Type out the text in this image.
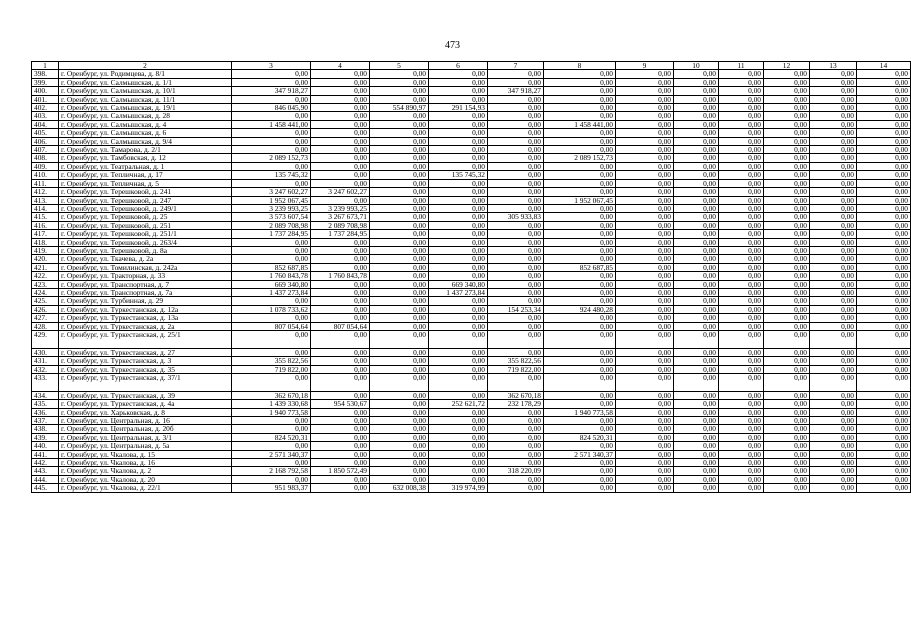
473
1	2	3	4	5	6	7	8	9	10	11	12	13	14
398.	г. Оренбург, ул. Родимцева, д. 8/1	0,00	0,00	0,00	0,00	0,00	0,00	0,00	0,00	0,00	0,00	0,00	0,00
399.	г. Оренбург, ул. Салмышская, д. 1/1	0,00	0,00	0,00	0,00	0,00	0,00	0,00	0,00	0,00	0,00	0,00	0,00
400.	г. Оренбург, ул. Салмышская, д. 10/1	347 918,27	0,00	0,00	0,00	347 918,27	0,00	0,00	0,00	0,00	0,00	0,00	0,00
401.	г. Оренбург, ул. Салмышская, д. 11/1	0,00	0,00	0,00	0,00	0,00	0,00	0,00	0,00	0,00	0,00	0,00	0,00
402.	г. Оренбург, ул. Салмышская, д. 19/1	846 045,90	0,00	554 890,97	291 154,93	0,00	0,00	0,00	0,00	0,00	0,00	0,00	0,00
403.	г. Оренбург, ул. Салмышская, д. 28	0,00	0,00	0,00	0,00	0,00	0,00	0,00	0,00	0,00	0,00	0,00	0,00
404.	г. Оренбург, ул. Салмышская, д. 4	1 458 441,00	0,00	0,00	0,00	0,00	1 458 441,00	0,00	0,00	0,00	0,00	0,00	0,00
405.	г. Оренбург, ул. Салмышская, д. 6	0,00	0,00	0,00	0,00	0,00	0,00	0,00	0,00	0,00	0,00	0,00	0,00
406.	г. Оренбург, ул. Салмышская, д. 9/4	0,00	0,00	0,00	0,00	0,00	0,00	0,00	0,00	0,00	0,00	0,00	0,00
407.	г. Оренбург, ул. Тамарова, д. 2/1	0,00	0,00	0,00	0,00	0,00	0,00	0,00	0,00	0,00	0,00	0,00	0,00
408.	г. Оренбург, ул. Тамбовская, д. 12	2 089 152,73	0,00	0,00	0,00	0,00	2 089 152,73	0,00	0,00	0,00	0,00	0,00	0,00
409.	г. Оренбург, ул. Театральная, д. 1	0,00	0,00	0,00	0,00	0,00	0,00	0,00	0,00	0,00	0,00	0,00	0,00
410.	г. Оренбург, ул. Тепличная, д. 17	135 745,32	0,00	0,00	135 745,32	0,00	0,00	0,00	0,00	0,00	0,00	0,00	0,00
411.	г. Оренбург, ул. Тепличная, д. 5	0,00	0,00	0,00	0,00	0,00	0,00	0,00	0,00	0,00	0,00	0,00	0,00
412.	г. Оренбург, ул. Терешковой, д. 241	3 247 602,27	3 247 602,27	0,00	0,00	0,00	0,00	0,00	0,00	0,00	0,00	0,00	0,00
413.	г. Оренбург, ул. Терешковой, д. 247	1 952 067,45	0,00	0,00	0,00	0,00	1 952 067,45	0,00	0,00	0,00	0,00	0,00	0,00
414.	г. Оренбург, ул. Терешковой, д. 249/1	3 239 993,25	3 239 993,25	0,00	0,00	0,00	0,00	0,00	0,00	0,00	0,00	0,00	0,00
415.	г. Оренбург, ул. Терешковой, д. 25	3 573 607,54	3 267 673,71	0,00	0,00	305 933,83	0,00	0,00	0,00	0,00	0,00	0,00	0,00
416.	г. Оренбург, ул. Терешковой, д. 251	2 089 708,98	2 089 708,98	0,00	0,00	0,00	0,00	0,00	0,00	0,00	0,00	0,00	0,00
417.	г. Оренбург, ул. Терешковой, д. 251/1	1 737 284,95	1 737 284,95	0,00	0,00	0,00	0,00	0,00	0,00	0,00	0,00	0,00	0,00
418.	г. Оренбург, ул. Терешковой, д. 263/4	0,00	0,00	0,00	0,00	0,00	0,00	0,00	0,00	0,00	0,00	0,00	0,00
419.	г. Оренбург, ул. Терешковой, д. 8а	0,00	0,00	0,00	0,00	0,00	0,00	0,00	0,00	0,00	0,00	0,00	0,00
420.	г. Оренбург, ул. Ткачева, д. 2а	0,00	0,00	0,00	0,00	0,00	0,00	0,00	0,00	0,00	0,00	0,00	0,00
421.	г. Оренбург, ул. Томилинская, д. 242а	852 687,85	0,00	0,00	0,00	0,00	852 687,85	0,00	0,00	0,00	0,00	0,00	0,00
422.	г. Оренбург, ул. Тракторная, д. 33	1 760 843,78	1 760 843,78	0,00	0,00	0,00	0,00	0,00	0,00	0,00	0,00	0,00	0,00
423.	г. Оренбург, ул. Транспортная, д. 7	669 340,80	0,00	0,00	669 340,80	0,00	0,00	0,00	0,00	0,00	0,00	0,00	0,00
424.	г. Оренбург, ул. Транспортная, д. 7а	1 437 273,84	0,00	0,00	1 437 273,84	0,00	0,00	0,00	0,00	0,00	0,00	0,00	0,00
425.	г. Оренбург, ул. Турбинная, д. 29	0,00	0,00	0,00	0,00	0,00	0,00	0,00	0,00	0,00	0,00	0,00	0,00
426.	г. Оренбург, ул. Туркестанская, д. 12а	1 078 733,62	0,00	0,00	0,00	154 253,34	924 480,28	0,00	0,00	0,00	0,00	0,00	0,00
427.	г. Оренбург, ул. Туркестанская, д. 13а	0,00	0,00	0,00	0,00	0,00	0,00	0,00	0,00	0,00	0,00	0,00	0,00
428.	г. Оренбург, ул. Туркестанская, д. 2а	807 054,64	807 054,64	0,00	0,00	0,00	0,00	0,00	0,00	0,00	0,00	0,00	0,00
429.	г. Оренбург, ул. Туркестанская, д. 25/1	0,00	0,00	0,00	0,00	0,00	0,00	0,00	0,00	0,00	0,00	0,00	0,00
430.	г. Оренбург, ул. Туркестанская, д. 27	0,00	0,00	0,00	0,00	0,00	0,00	0,00	0,00	0,00	0,00	0,00	0,00
431.	г. Оренбург, ул. Туркестанская, д. 3	355 822,56	0,00	0,00	0,00	355 822,56	0,00	0,00	0,00	0,00	0,00	0,00	0,00
432.	г. Оренбург, ул. Туркестанская, д. 35	719 822,00	0,00	0,00	0,00	719 822,00	0,00	0,00	0,00	0,00	0,00	0,00	0,00
433.	г. Оренбург, ул. Туркестанская, д. 37/1	0,00	0,00	0,00	0,00	0,00	0,00	0,00	0,00	0,00	0,00	0,00	0,00
434.	г. Оренбург, ул. Туркестанская, д. 39	362 670,18	0,00	0,00	0,00	362 670,18	0,00	0,00	0,00	0,00	0,00	0,00	0,00
435.	г. Оренбург, ул. Туркестанская, д. 4а	1 439 330,68	954 530,67	0,00	252 621,72	232 178,29	0,00	0,00	0,00	0,00	0,00	0,00	0,00
436.	г. Оренбург, ул. Харьковская, д. 8	1 940 773,58	0,00	0,00	0,00	0,00	1 940 773,58	0,00	0,00	0,00	0,00	0,00	0,00
437.	г. Оренбург, ул. Центральная, д. 16	0,00	0,00	0,00	0,00	0,00	0,00	0,00	0,00	0,00	0,00	0,00	0,00
438.	г. Оренбург, ул. Центральная, д. 20б	0,00	0,00	0,00	0,00	0,00	0,00	0,00	0,00	0,00	0,00	0,00	0,00
439.	г. Оренбург, ул. Центральная, д. 3/1	824 520,31	0,00	0,00	0,00	0,00	824 520,31	0,00	0,00	0,00	0,00	0,00	0,00
440.	г. Оренбург, ул. Центральная, д. 5а	0,00	0,00	0,00	0,00	0,00	0,00	0,00	0,00	0,00	0,00	0,00	0,00
441.	г. Оренбург, ул. Чкалова, д. 15	2 571 340,37	0,00	0,00	0,00	0,00	2 571 340,37	0,00	0,00	0,00	0,00	0,00	0,00
442.	г. Оренбург, ул. Чкалова, д. 16	0,00	0,00	0,00	0,00	0,00	0,00	0,00	0,00	0,00	0,00	0,00	0,00
443.	г. Оренбург, ул. Чкалова, д. 2	2 168 792,58	1 850 572,49	0,00	0,00	318 220,09	0,00	0,00	0,00	0,00	0,00	0,00	0,00
444.	г. Оренбург, ул. Чкалова, д. 20	0,00	0,00	0,00	0,00	0,00	0,00	0,00	0,00	0,00	0,00	0,00	0,00
445.	г. Оренбург, ул. Чкалова, д. 22/1	951 983,37	0,00	632 008,38	319 974,99	0,00	0,00	0,00	0,00	0,00	0,00	0,00	0,00
